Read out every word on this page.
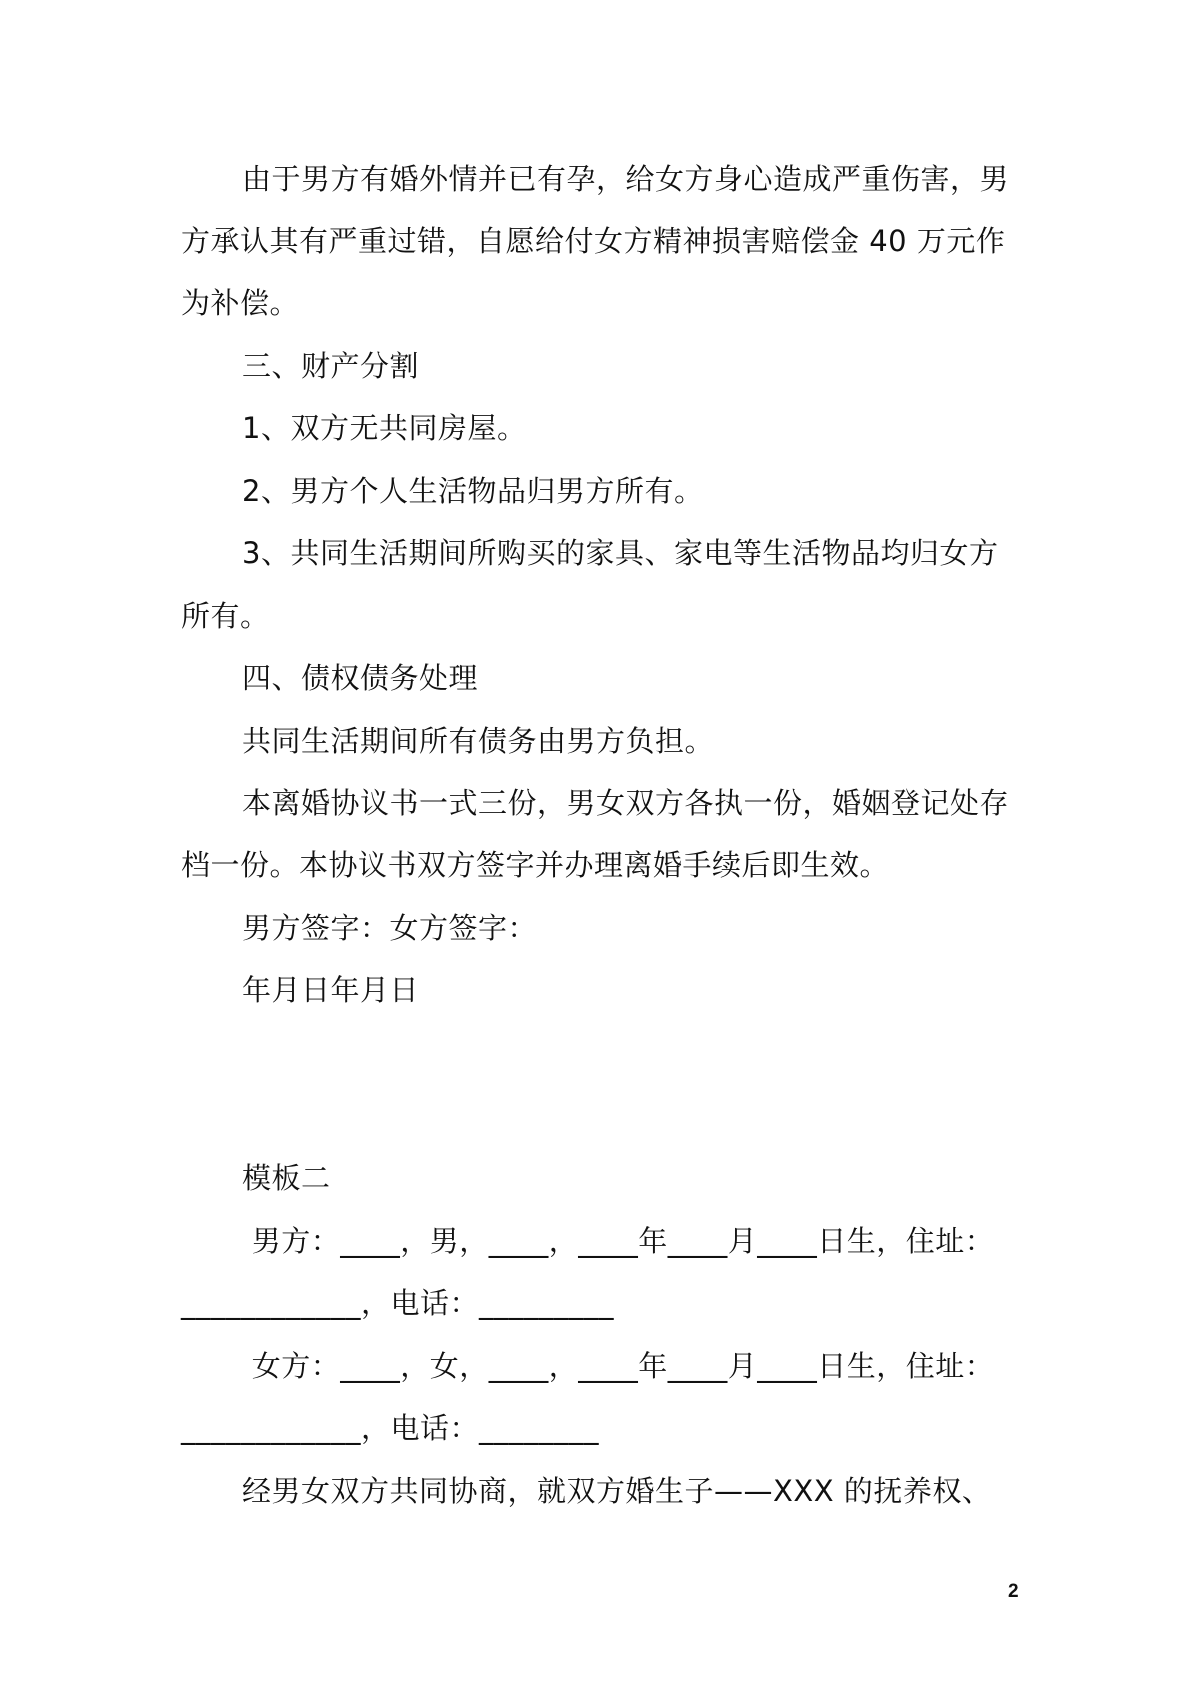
由于男方有婚外情并已有孕，给女方身心造成严重伤害，男
方承认其有严重过错，自愿给付女方精神损害赔偿金 40 万元作
为补偿。
三、财产分割
1、双方无共同房屋。
2、男方个人生活物品归男方所有。
3、共同生活期间所购买的家具、家电等生活物品均归女方
所有。
四、债权债务处理
共同生活期间所有债务由男方负担。
本离婚协议书一式三份，男女双方各执一份，婚姻登记处存
档一份。本协议书双方签字并办理离婚手续后即生效。
男方签字：女方签字：
年月日年月日
模板二
男方：____，男，____，____年____月____日生，住址：
____________，电话：_________
女方：____，女，____，____年____月____日生，住址：
____________，电话：________
经男女双方共同协商，就双方婚生子——XXX 的抚养权、
2
